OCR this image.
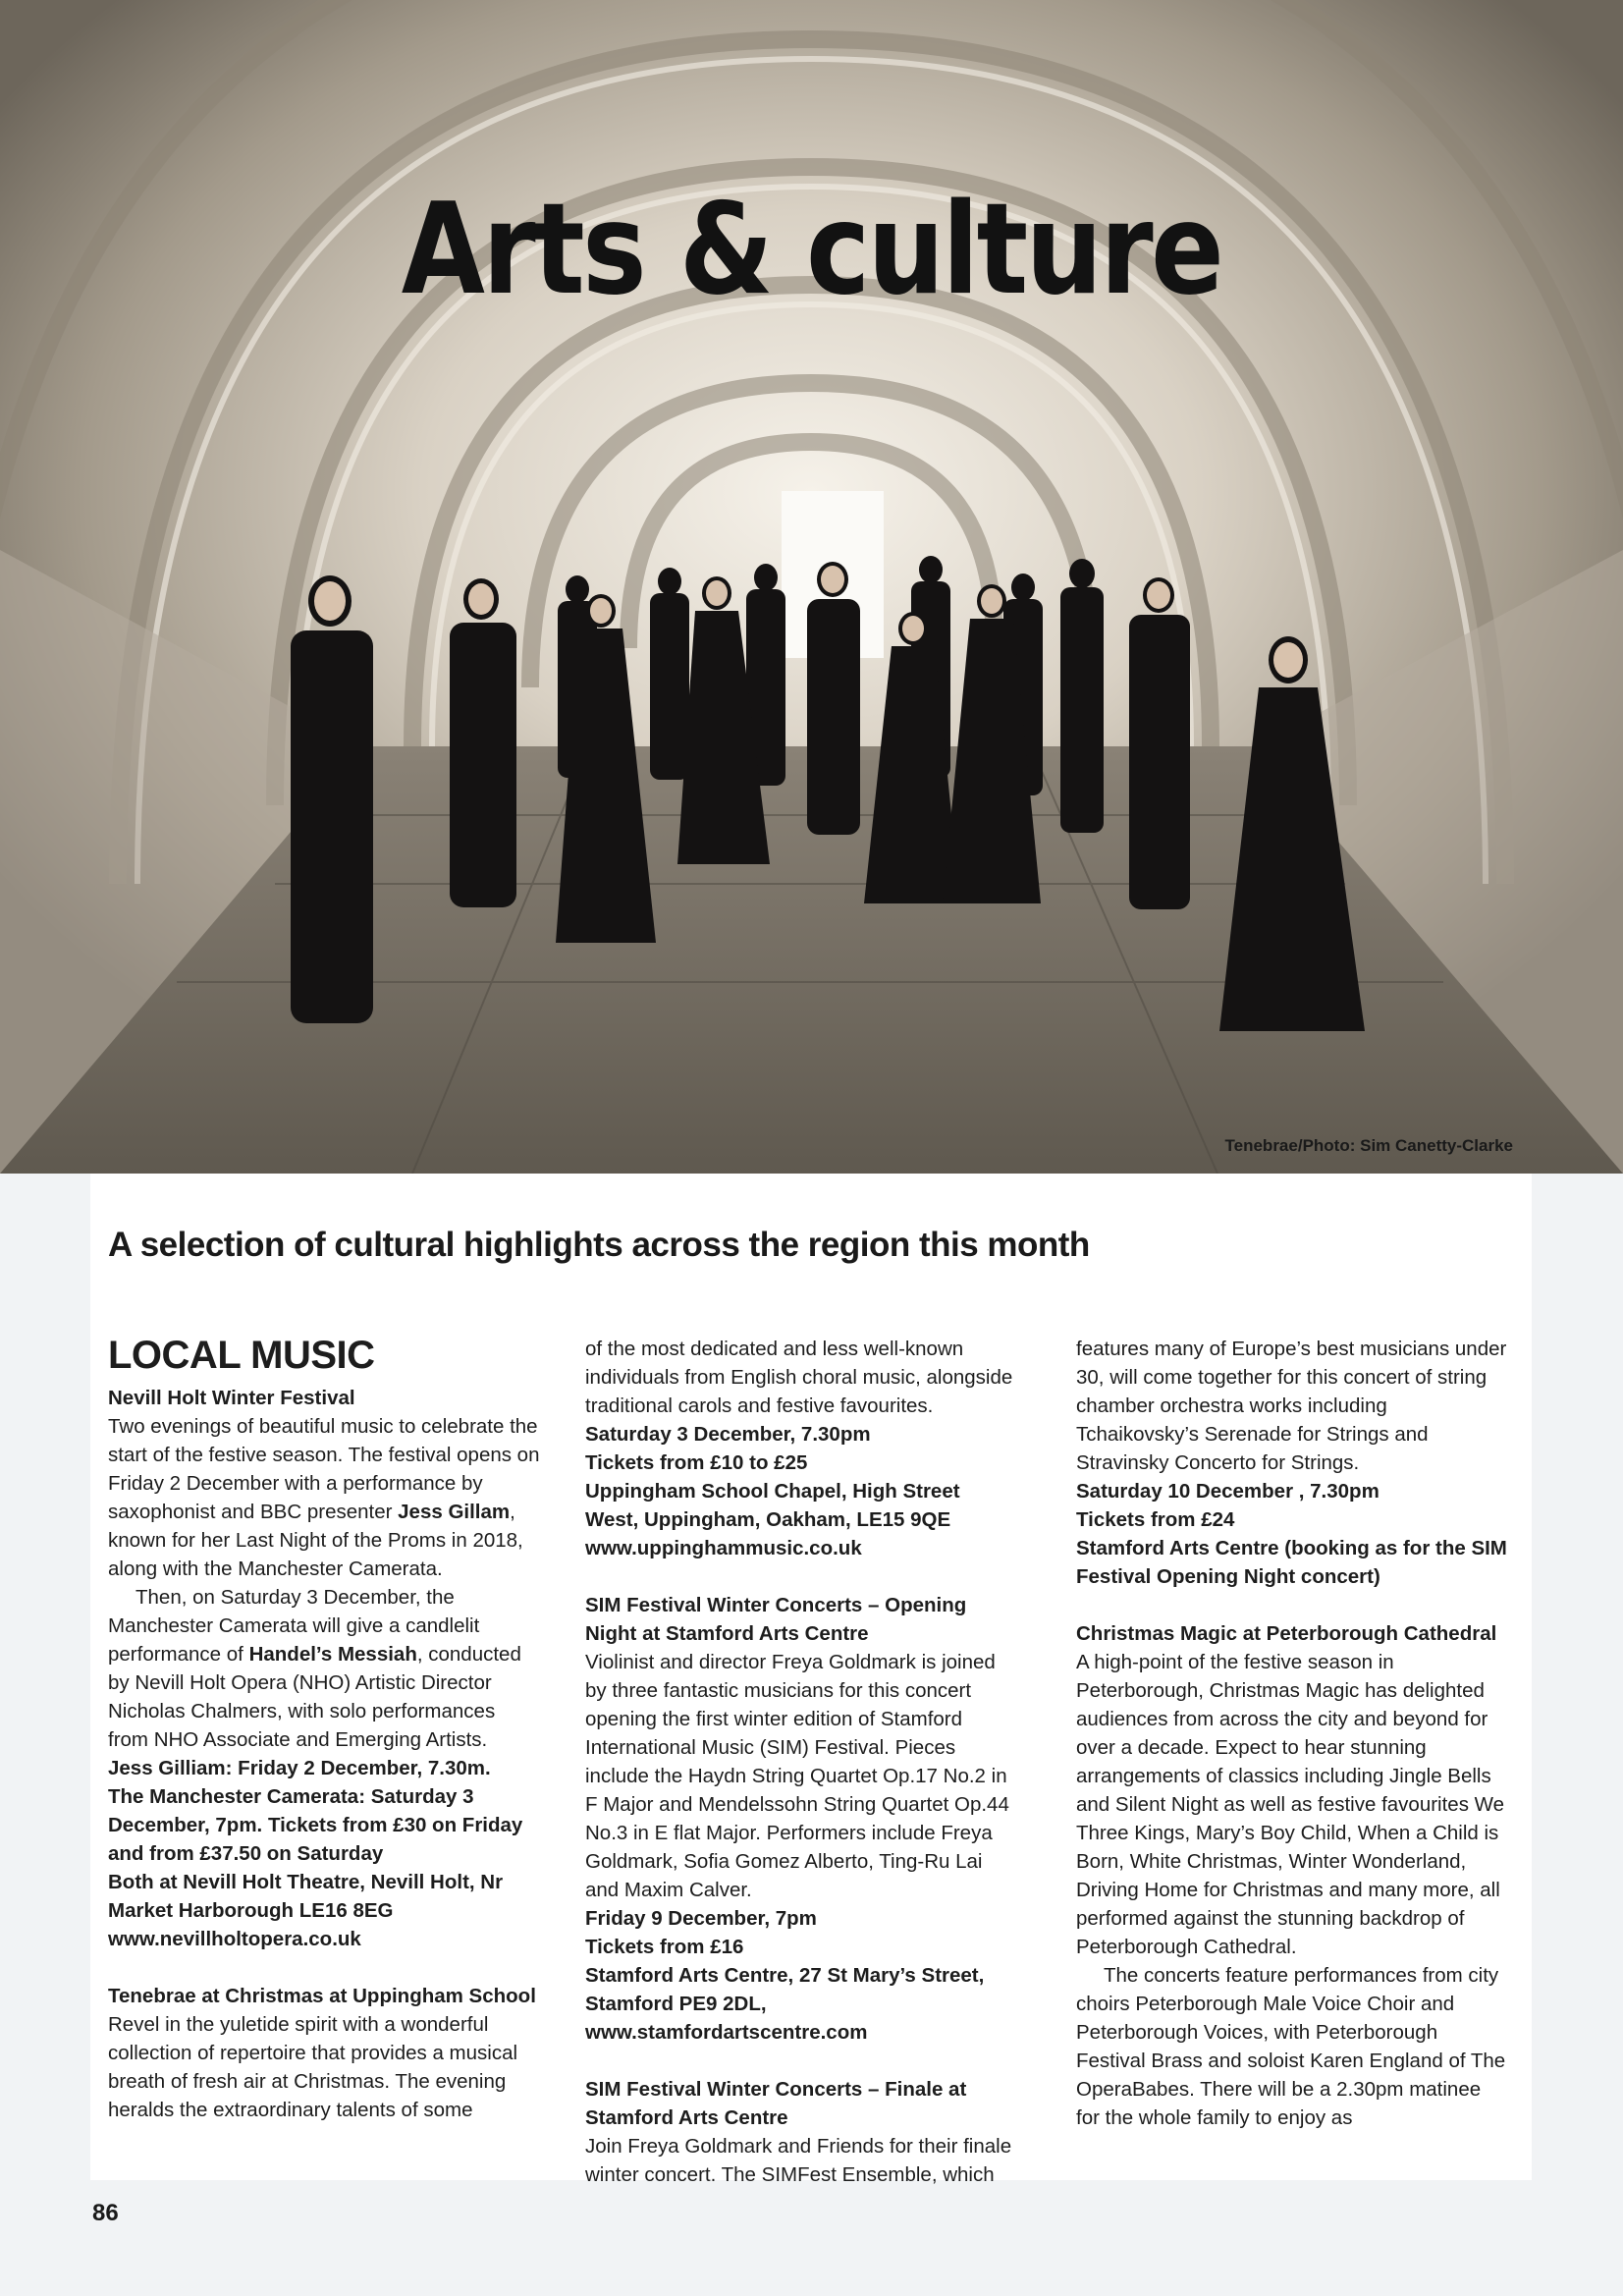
Arts & culture
Tenebrae/Photo: Sim Canetty-Clarke
A selection of cultural highlights across the region this month
LOCAL MUSIC

Nevill Holt Winter Festival

Two evenings of beautiful music to celebrate the start of the festive season. The festival opens on Friday 2 December with a performance by saxophonist and BBC presenter Jess Gillam, known for her Last Night of the Proms in 2018, along with the Manchester Camerata.

Then, on Saturday 3 December, the Manchester Camerata will give a candlelit performance of Handel’s Messiah, conducted by Nevill Holt Opera (NHO) Artistic Director Nicholas Chalmers, with solo performances from NHO Associate and Emerging Artists.

Jess Gilliam: Friday 2 December, 7.30m.

The Manchester Camerata: Saturday 3 December, 7pm. Tickets from £30 on Friday and from £37.50 on Saturday

Both at Nevill Holt Theatre, Nevill Holt, Nr Market Harborough LE16 8EG

www.nevillholtopera.co.uk

Tenebrae at Christmas at Uppingham School

Revel in the yuletide spirit with a wonderful collection of repertoire that provides a musical breath of fresh air at Christmas. The evening heralds the extraordinary talents of some

of the most dedicated and less well-known individuals from English choral music, alongside traditional carols and festive favourites.

Saturday 3 December, 7.30pm

Tickets from £10 to £25

Uppingham School Chapel, High Street West, Uppingham, Oakham, LE15 9QE

www.uppinghammusic.co.uk

SIM Festival Winter Concerts – Opening Night at Stamford Arts Centre

Violinist and director Freya Goldmark is joined by three fantastic musicians for this concert opening the first winter edition of Stamford International Music (SIM) Festival. Pieces include the Haydn String Quartet Op.17 No.2 in F Major and Mendelssohn String Quartet Op.44 No.3 in E flat Major. Performers include Freya Goldmark, Sofia Gomez Alberto, Ting-Ru Lai and Maxim Calver.

Friday 9 December, 7pm

Tickets from £16

Stamford Arts Centre, 27 St Mary’s Street, Stamford PE9 2DL, www.stamfordartscentre.com

SIM Festival Winter Concerts – Finale at Stamford Arts Centre

Join Freya Goldmark and Friends for their finale winter concert. The SIMFest Ensemble, which

features many of Europe’s best musicians under 30, will come together for this concert of string chamber orchestra works including Tchaikovsky’s Serenade for Strings and Stravinsky Concerto for Strings.

Saturday 10 December , 7.30pm

Tickets from £24

Stamford Arts Centre (booking as for the SIM Festival Opening Night concert)

Christmas Magic at Peterborough Cathedral

A high-point of the festive season in Peterborough, Christmas Magic has delighted audiences from across the city and beyond for over a decade. Expect to hear stunning arrangements of classics including Jingle Bells and Silent Night as well as festive favourites We Three Kings, Mary’s Boy Child, When a Child is Born, White Christmas, Winter Wonderland, Driving Home for Christmas and many more, all performed against the stunning backdrop of Peterborough Cathedral.

The concerts feature performances from city choirs Peterborough Male Voice Choir and Peterborough Voices, with Peterborough Festival Brass and soloist Karen England of The OperaBabes. There will be a 2.30pm matinee for the whole family to enjoy as

86
